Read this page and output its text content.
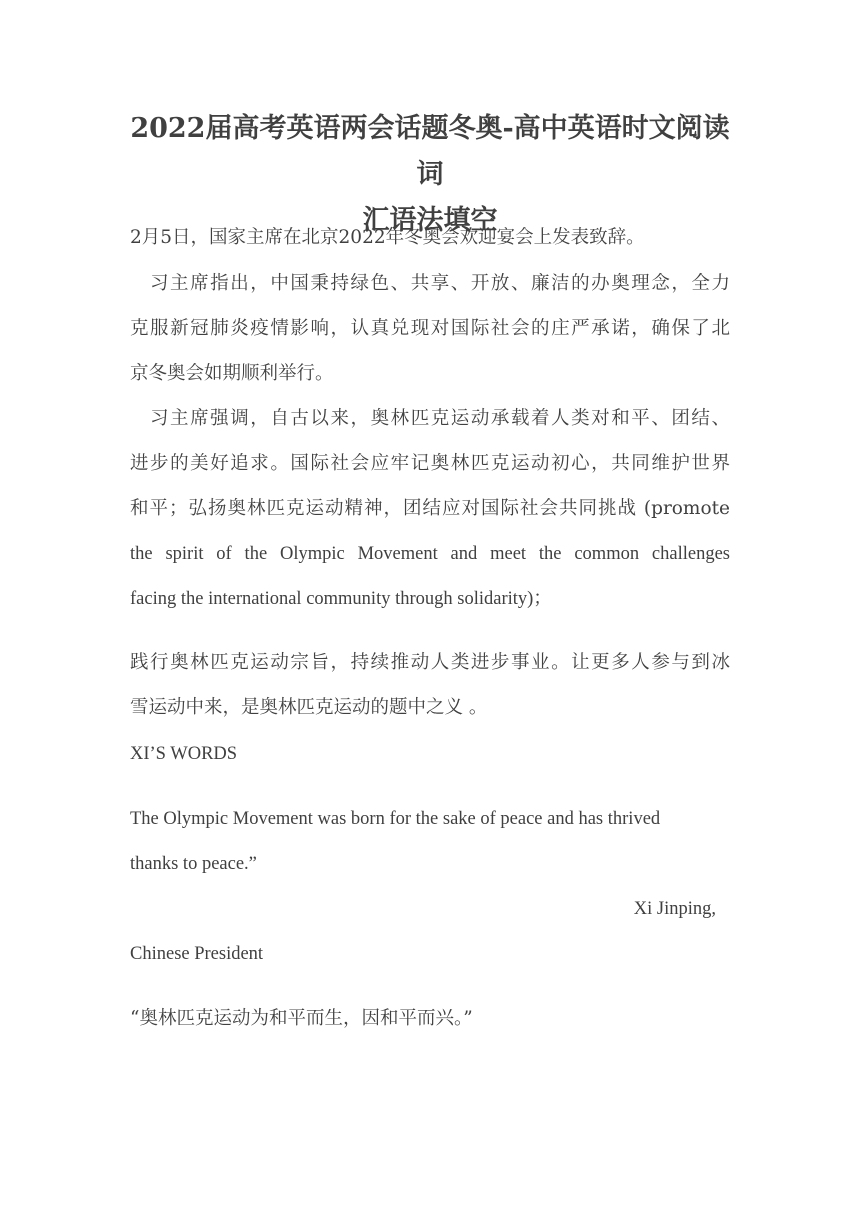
2022届高考英语两会话题冬奥-高中英语时文阅读词
汇语法填空
2月5日，国家主席在北京2022年冬奥会欢迎宴会上发表致辞。
习主席指出，中国秉持绿色、共享、开放、廉洁的办奥理念，全力
克服新冠肺炎疫情影响，认真兑现对国际社会的庄严承诺，确保了北
京冬奥会如期顺利举行。
习主席强调，自古以来，奥林匹克运动承载着人类对和平、团结、
进步的美好追求。国际社会应牢记奥林匹克运动初心，共同维护世界
和平；弘扬奥林匹克运动精神，团结应对国际社会共同挑战 (promote
the spirit of the Olympic Movement and meet the common challenges
facing the international community through solidarity)；
践行奥林匹克运动宗旨，持续推动人类进步事业。让更多人参与到冰
雪运动中来，是奥林匹克运动的题中之义 。
XI’S WORDS
The Olympic Movement was born for the sake of peace and has thrived
thanks to peace.”
Xi Jinping,
Chinese President
“奥林匹克运动为和平而生，因和平而兴。”
